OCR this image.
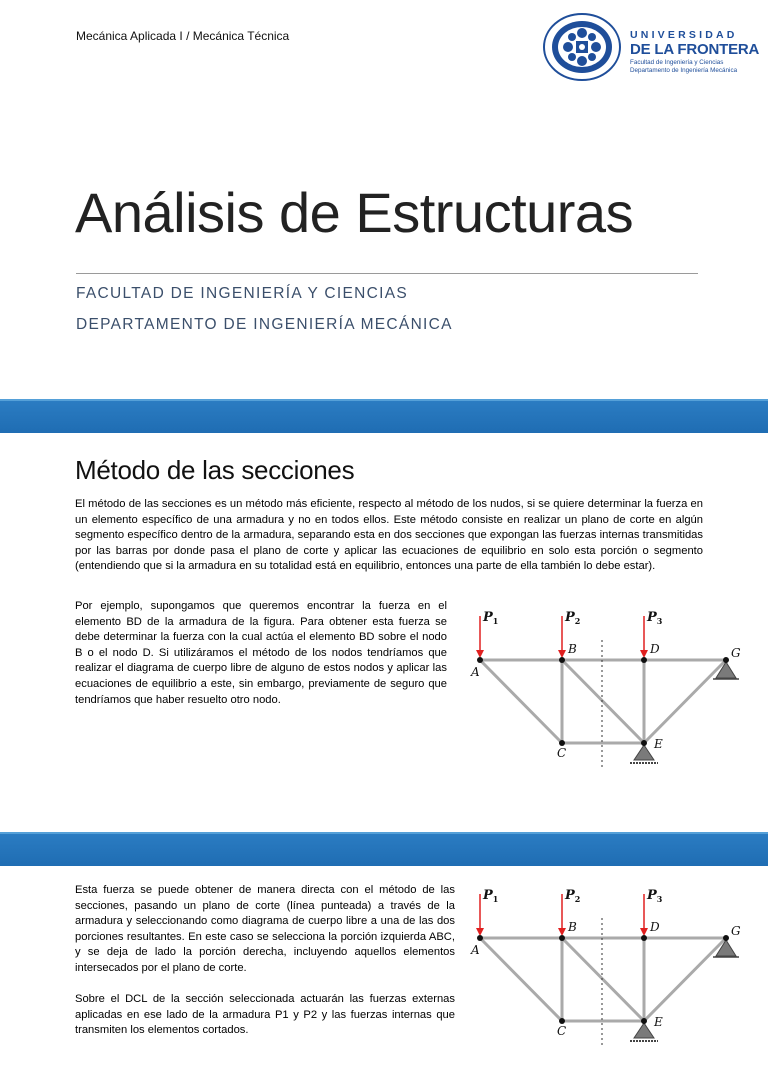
Mecánica Aplicada I / Mecánica Técnica	UNIVERSIDAD
DE LA FRONTERA
Facultad de Ingeniería y Ciencias
Departamento de Ingeniería Mecánica
Análisis de Estructuras
FACULTAD DE INGENIERÍA Y CIENCIAS
DEPARTAMENTO DE INGENIERÍA MECÁNICA
Método de las secciones
El método de las secciones es un método más eficiente, respecto al método de los nudos, si se quiere determinar la fuerza en un elemento específico de una armadura y no en todos ellos. Este método consiste en realizar un plano de corte en algún segmento específico dentro de la armadura, separando esta en dos secciones que expongan las fuerzas internas transmitidas por las barras por donde pasa el plano de corte y aplicar las ecuaciones de equilibrio en solo esta porción o segmento (entendiendo que si la armadura en su totalidad está en equilibrio, entonces una parte de ella también lo debe estar).
Por ejemplo, supongamos que queremos encontrar la fuerza en el elemento BD de la armadura de la figura. Para obtener esta fuerza se debe determinar la fuerza con la cual actúa el elemento BD sobre el nodo B o el nodo D. Si utilizáramos el método de los nodos tendríamos que realizar el diagrama de cuerpo libre de alguno de estos nodos y aplicar las ecuaciones de equilibrio a este, sin embargo, previamente de seguro que tendríamos que haber resuelto otro nodo.
$P_1$	$P_2$	$P_3$
A
B	D	G
C
E
Esta fuerza se puede obtener de manera directa con el método de las secciones, pasando un plano de corte (línea punteada) a través de la armadura y seleccionando como diagrama de cuerpo libre a una de las dos porciones resultantes. En este caso se selecciona la porción izquierda ABC, y se deja de lado la porción derecha, incluyendo aquellos elementos intersecados por el plano de corte.
Sobre el DCL de la sección seleccionada actuarán las fuerzas externas aplicadas en ese lado de la armadura P1 y P2 y las fuerzas internas que transmiten los elementos cortados.
$P_1$	$P_2$	$P_3$
A
B	D	G
C
E
